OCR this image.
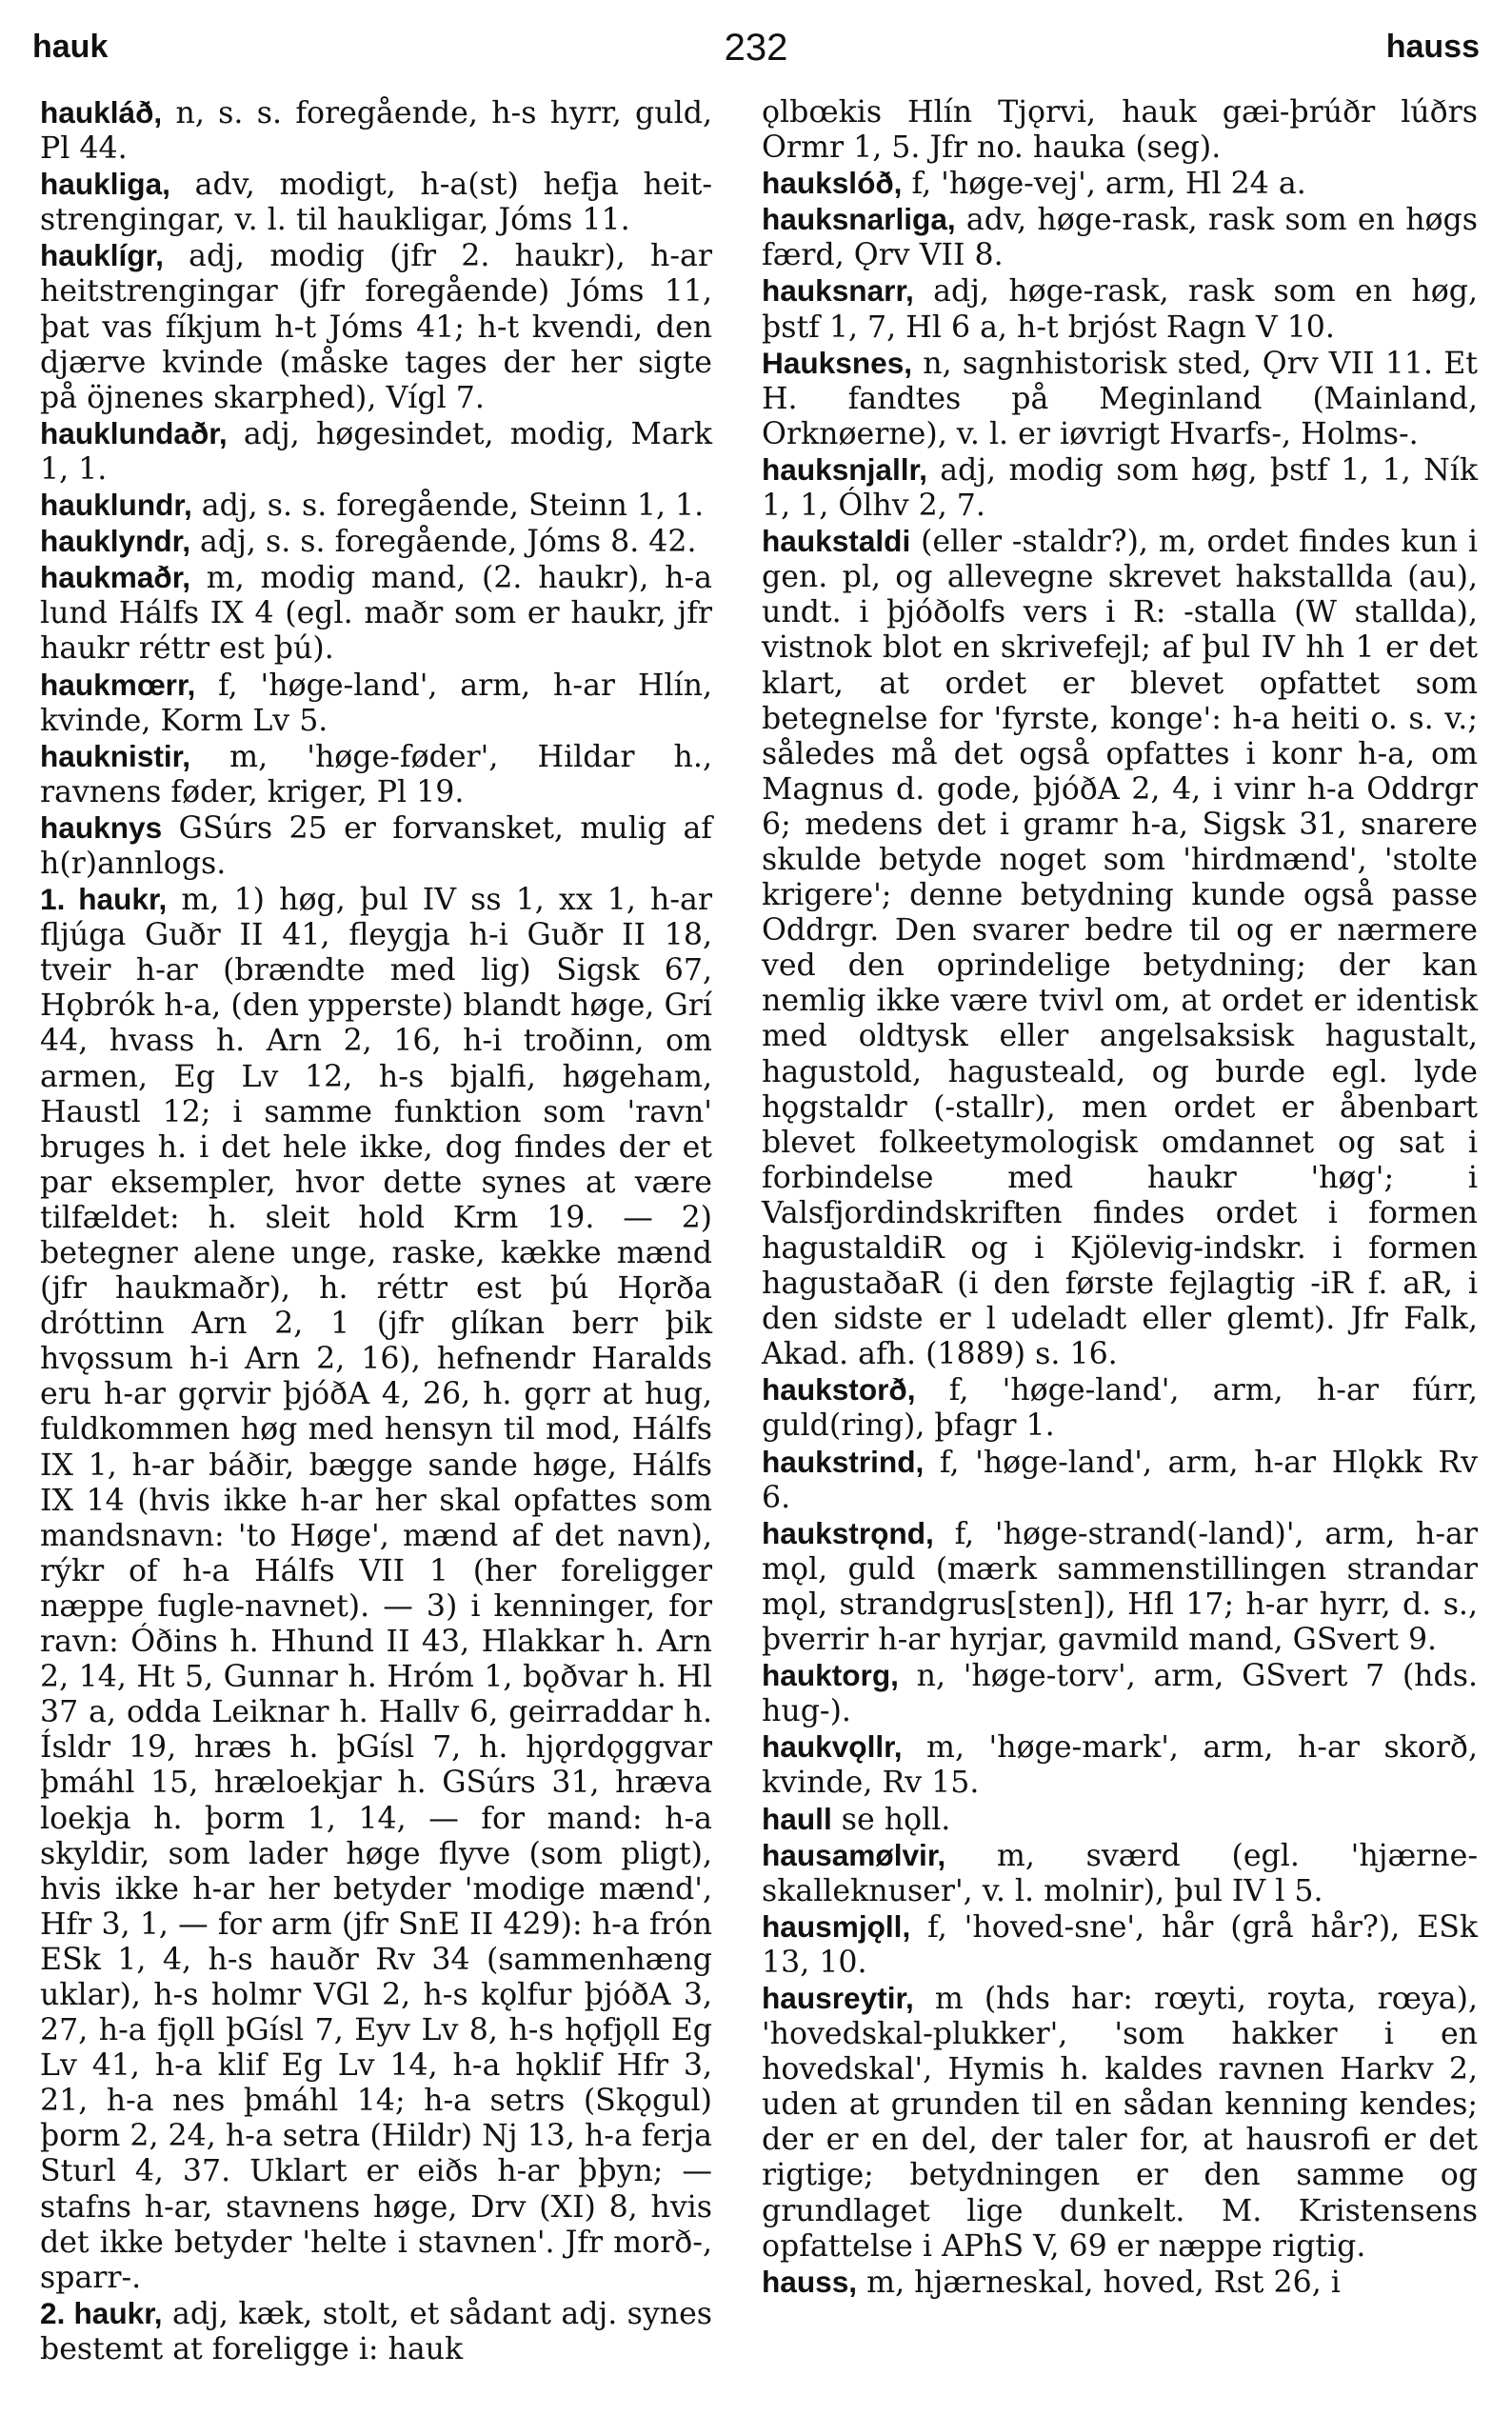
hauk	232	hauss

haukláð, n, s. s. foregående, h-s hyrr, guld, Pl 44.

haukliga, adv, modigt, h-a(st) hefja heit-strengingar, v. l. til haukligar, Jóms 11.

hauklígr, adj, modig (jfr 2. haukr), h-ar heitstrengingar (jfr foregående) Jóms 11, þat vas fíkjum h-t Jóms 41; h-t kvendi, den djærve kvinde (måske tages der her sigte på öjnenes skarphed), Vígl 7.

hauklundaðr, adj, høgesindet, modig, Mark 1, 1.

hauklundr, adj, s. s. foregående, Steinn 1, 1.

hauklyndr, adj, s. s. foregående, Jóms 8. 42.

haukmaðr, m, modig mand, (2. haukr), h-a lund Hálfs IX 4 (egl. maðr som er haukr, jfr haukr réttr est þú).

haukmœrr, f, 'høge-land', arm, h-ar Hlín, kvinde, Korm Lv 5.

hauknistir, m, 'høge-føder', Hildar h., ravnens føder, kriger, Pl 19.

hauknys GSúrs 25 er forvansket, mulig af h(r)annlogs.

1. haukr, m, 1) høg, þul IV ss 1, xx 1, h-ar fljúga Guðr II 41, fleygja h-i Guðr II 18, tveir h-ar (brændte med lig) Sigsk 67, Hǫbrók h-a, (den ypperste) blandt høge, Grí 44, hvass h. Arn 2, 16, h-i troðinn, om armen, Eg Lv 12, h-s bjalfi, høgeham, Haustl 12; i samme funktion som 'ravn' bruges h. i det hele ikke, dog findes der et par eksempler, hvor dette synes at være tilfældet: h. sleit hold Krm 19. — 2) betegner alene unge, raske, kække mænd (jfr haukmaðr), h. réttr est þú Hǫrða dróttinn Arn 2, 1 (jfr glíkan berr þik hvǫssum h-i Arn 2, 16), hefnendr Haralds eru h-ar gǫrvir þjóðA 4, 26, h. gǫrr at hug, fuldkommen høg med hensyn til mod, Hálfs IX 1, h-ar báðir, bægge sande høge, Hálfs IX 14 (hvis ikke h-ar her skal opfattes som mandsnavn: 'to Høge', mænd af det navn), rýkr of h-a Hálfs VII 1 (her foreligger næppe fugle-navnet). — 3) i kenninger, for ravn: Óðins h. Hhund II 43, Hlakkar h. Arn 2, 14, Ht 5, Gunnar h. Hróm 1, bǫðvar h. Hl 37 a, odda Leiknar h. Hallv 6, geirraddar h. Ísldr 19, hræs h. þGísl 7, h. hjǫrdǫggvar þmáhl 15, hræloekjar h. GSúrs 31, hræva loekja h. þorm 1, 14, — for mand: h-a skyldir, som lader høge flyve (som pligt), hvis ikke h-ar her betyder 'modige mænd', Hfr 3, 1, — for arm (jfr SnE II 429): h-a frón ESk 1, 4, h-s hauðr Rv 34 (sammenhæng uklar), h-s holmr VGl 2, h-s kǫlfur þjóðA 3, 27, h-a fjǫll þGísl 7, Eyv Lv 8, h-s hǫfjǫll Eg Lv 41, h-a klif Eg Lv 14, h-a hǫklif Hfr 3, 21, h-a nes þmáhl 14; h-a setrs (Skǫgul) þorm 2, 24, h-a setra (Hildr) Nj 13, h-a ferja Sturl 4, 37. Uklart er eiðs h-ar þþyn; — stafns h-ar, stavnens høge, Drv (XI) 8, hvis det ikke betyder 'helte i stavnen'. Jfr morð-, sparr-.

2. haukr, adj, kæk, stolt, et sådant adj. synes bestemt at foreligge i: hauk

ǫlbœkis Hlín Tjǫrvi, hauk gæi-þrúðr lúðrs Ormr 1, 5. Jfr no. hauka (seg).

haukslóð, f, 'høge-vej', arm, Hl 24 a.

hauksnarliga, adv, høge-rask, rask som en høgs færd, Ǫrv VII 8.

hauksnarr, adj, høge-rask, rask som en høg, þstf 1, 7, Hl 6 a, h-t brjóst Ragn V 10.

Hauksnes, n, sagnhistorisk sted, Ǫrv VII 11. Et H. fandtes på Meginland (Mainland, Orknøerne), v. l. er iøvrigt Hvarfs-, Holms-.

hauksnjallr, adj, modig som høg, þstf 1, 1, Ník 1, 1, Ólhv 2, 7.

haukstaldi (eller -staldr?), m, ordet findes kun i gen. pl, og allevegne skrevet hakstallda (au), undt. i þjóðolfs vers i R: -stalla (W stallda), vistnok blot en skrivefejl; af þul IV hh 1 er det klart, at ordet er blevet opfattet som betegnelse for 'fyrste, konge': h-a heiti o. s. v.; således må det også opfattes i konr h-a, om Magnus d. gode, þjóðA 2, 4, i vinr h-a Oddrgr 6; medens det i gramr h-a, Sigsk 31, snarere skulde betyde noget som 'hirdmænd', 'stolte krigere'; denne betydning kunde også passe Oddrgr. Den svarer bedre til og er nærmere ved den oprindelige betydning; der kan nemlig ikke være tvivl om, at ordet er identisk med oldtysk eller angelsaksisk hagustalt, hagustold, hagusteald, og burde egl. lyde hǫgstaldr (-stallr), men ordet er åbenbart blevet folkeetymologisk omdannet og sat i forbindelse med haukr 'høg'; i Valsfjordindskriften findes ordet i formen hagustaldiR og i Kjölevig-indskr. i formen hagustaðaR (i den første fejlagtig -iR f. aR, i den sidste er l udeladt eller glemt). Jfr Falk, Akad. afh. (1889) s. 16.

haukstorð, f, 'høge-land', arm, h-ar fúrr, guld(ring), þfagr 1.

haukstrind, f, 'høge-land', arm, h-ar Hlǫkk Rv 6.

haukstrǫnd, f, 'høge-strand(-land)', arm, h-ar mǫl, guld (mærk sammenstillingen strandar mǫl, strandgrus[sten]), Hfl 17; h-ar hyrr, d. s., þverrir h-ar hyrjar, gavmild mand, GSvert 9.

hauktorg, n, 'høge-torv', arm, GSvert 7 (hds. hug-).

haukvǫllr, m, 'høge-mark', arm, h-ar skorð, kvinde, Rv 15.

haull se hǫll.

hausamølvir, m, sværd (egl. 'hjærne-skalleknuser', v. l. molnir), þul IV l 5.

hausmjǫll, f, 'hoved-sne', hår (grå hår?), ESk 13, 10.

hausreytir, m (hds har: rœyti, royta, rœya), 'hovedskal-plukker', 'som hakker i en hovedskal', Hymis h. kaldes ravnen Harkv 2, uden at grunden til en sådan kenning kendes; der er en del, der taler for, at hausrofi er det rigtige; betydningen er den samme og grundlaget lige dunkelt. M. Kristensens opfattelse i APhS V, 69 er næppe rigtig.

hauss, m, hjærneskal, hoved, Rst 26, i
